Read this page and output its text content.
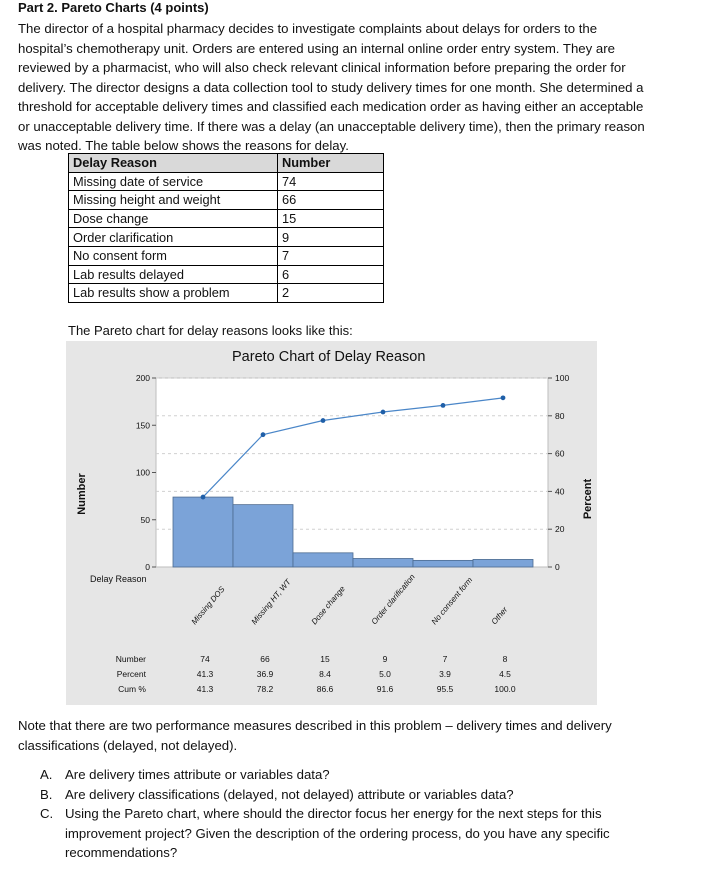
Part 2. Pareto Charts (4 points)
The director of a hospital pharmacy decides to investigate complaints about delays for orders to the hospital’s chemotherapy unit. Orders are entered using an internal online order entry system. They are reviewed by a pharmacist, who will also check relevant clinical information before preparing the order for delivery. The director designs a data collection tool to study delivery times for one month. She determined a threshold for acceptable delivery times and classified each medication order as having either an acceptable or unacceptable delivery time. If there was a delay (an unacceptable delivery time), then the primary reason was noted. The table below shows the reasons for delay.
Delay Reason	Number
Missing date of service	74
Missing height and weight	66
Dose change	15
Order clarification	9
No consent form	7
Lab results delayed	6
Lab results show a problem	2
The Pareto chart for delay reasons looks like this:
Pareto Chart of Delay Reason
Number	Percent
Delay Reason
0
50
100
150
200
0
20
40
60
80
100
Missing DOS	Missing HT, WT Dose change	Order clarification No consent form Other
Number	74	66	15	9	7	8
Percent	41.3	36.9	8.4	5.0	3.9	4.5
Cum %	41.3	78.2	86.6	91.6	95.5	100.0
Note that there are two performance measures described in this problem – delivery times and delivery classifications (delayed, not delayed).
A. Are delivery times attribute or variables data?
B. Are delivery classifications (delayed, not delayed) attribute or variables data?
C. Using the Pareto chart, where should the director focus her energy for the next steps for this improvement project? Given the description of the ordering process, do you have any specific recommendations?
